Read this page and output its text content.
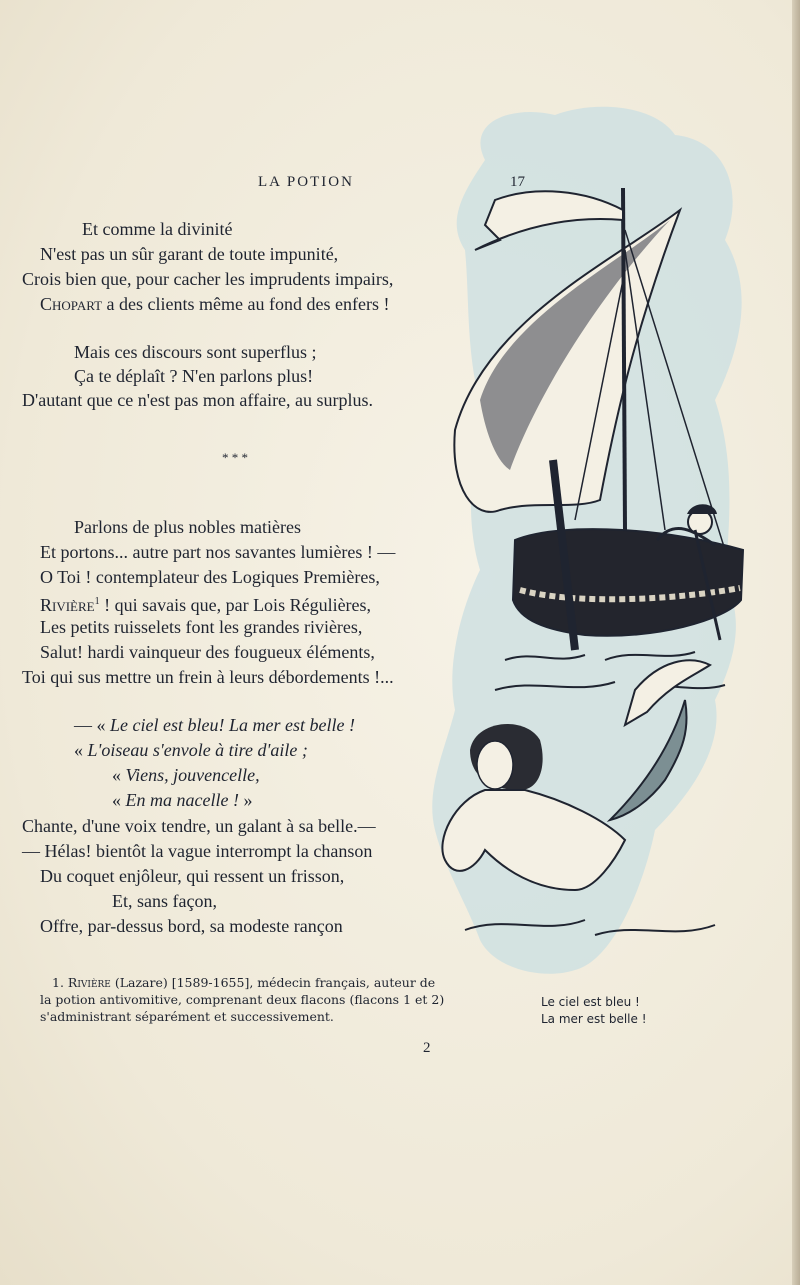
LA POTION	17
Et comme la divinité
N'est pas un sûr garant de toute impunité,
Crois bien que, pour cacher les imprudents impairs,
Chopart a des clients même au fond des enfers !
Mais ces discours sont superflus ;
Ça te déplaît ? N'en parlons plus!
D'autant que ce n'est pas mon affaire, au surplus.
* * *
Parlons de plus nobles matières
Et portons... autre part nos savantes lumières ! —
O Toi ! contemplateur des Logiques Premières,
Rivière$^1$ ! qui savais que, par Lois Régulières,
Les petits ruisselets font les grandes rivières,
Salut! hardi vainqueur des fougueux éléments,
Toi qui sus mettre un frein à leurs débordements !...
— « Le ciel est bleu! La mer est belle !
« L'oiseau s'envole à tire d'aile ;
« Viens, jouvencelle,
« En ma nacelle ! »
Chante, d'une voix tendre, un galant à sa belle.—
— Hélas! bientôt la vague interrompt la chanson
Du coquet enjôleur, qui ressent un frisson,
Et, sans façon,
Offre, par-dessus bord, sa modeste rançon
1. Rivière (Lazare) [1589-1655], médecin français, auteur de
la potion antivomitive, comprenant deux flacons (flacons 1 et 2)
s'administrant séparément et successivement.
Le ciel est bleu !
La mer est belle !
2
